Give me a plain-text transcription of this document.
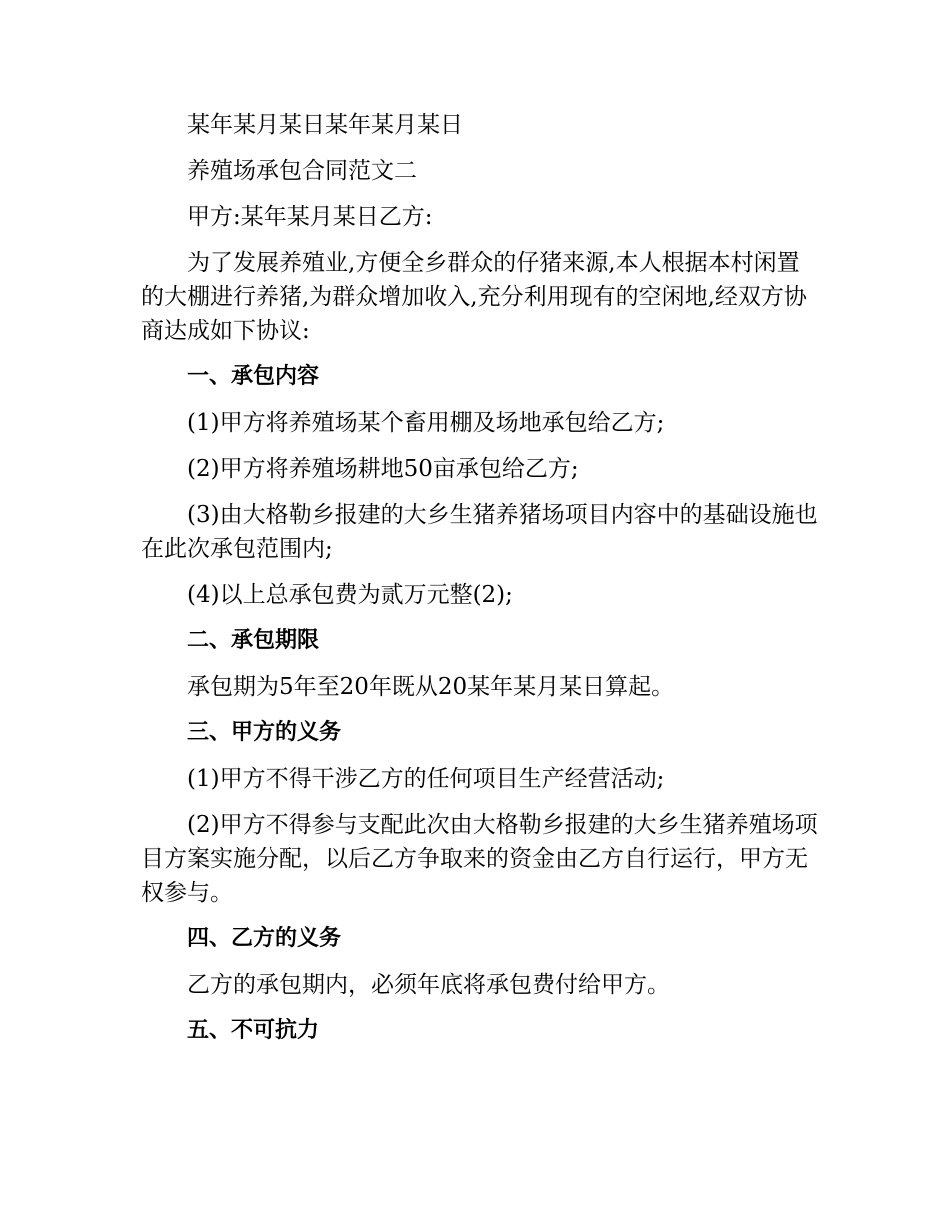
某年某月某日某年某月某日

养殖场承包合同范文二

甲方:某年某月某日乙方:

为了发展养殖业,方便全乡群众的仔猪来源,本人根据本村闲置的大棚进行养猪,为群众增加收入,充分利用现有的空闲地,经双方协商达成如下协议:

一、承包内容

(1)甲方将养殖场某个畜用棚及场地承包给乙方;

(2)甲方将养殖场耕地50亩承包给乙方;

(3)由大格勒乡报建的大乡生猪养猪场项目内容中的基础设施也在此次承包范围内;

(4)以上总承包费为贰万元整(2);

二、承包期限

承包期为5年至20年既从20某年某月某日算起。

三、甲方的义务

(1)甲方不得干涉乙方的任何项目生产经营活动;

(2)甲方不得参与支配此次由大格勒乡报建的大乡生猪养殖场项目方案实施分配，以后乙方争取来的资金由乙方自行运行，甲方无权参与。

四、乙方的义务

乙方的承包期内，必须年底将承包费付给甲方。

五、不可抗力
